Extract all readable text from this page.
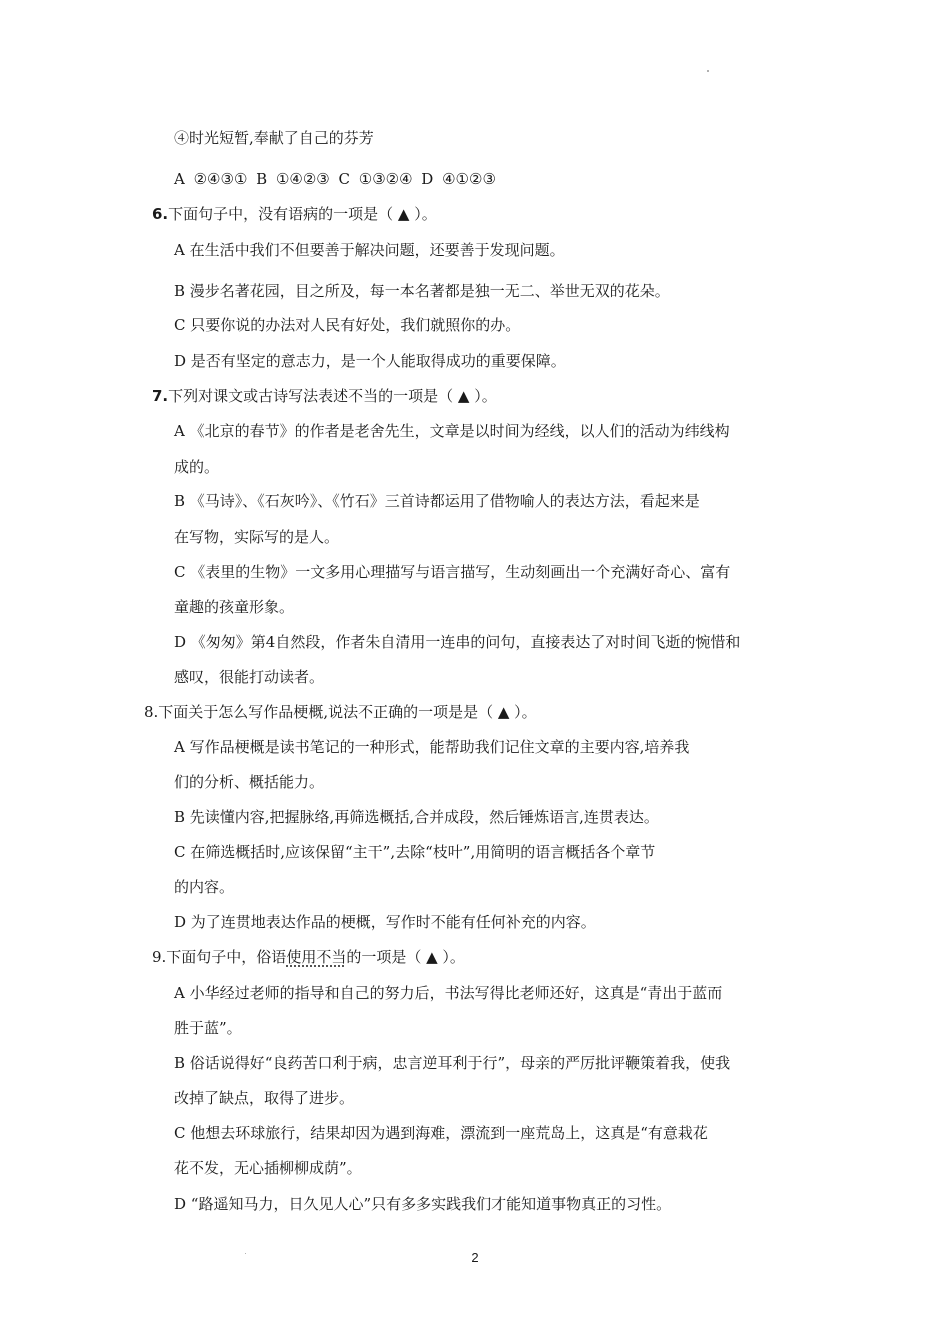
④时光短暂,奉献了自己的芬芳
A ②④③① B ①④②③ C ①③②④ D ④①②③
6.下面句子中，没有语病的一项是（ ▲ ）。
A 在生活中我们不但要善于解决问题，还要善于发现问题。
B 漫步名著花园，目之所及，每一本名著都是独一无二、举世无双的花朵。
C 只要你说的办法对人民有好处，我们就照你的办。
D 是否有坚定的意志力，是一个人能取得成功的重要保障。
7.下列对课文或古诗写法表述不当的一项是（ ▲ ）。
A 《北京的春节》的作者是老舍先生，文章是以时间为经线，以人们的活动为纬线构
成的。
B 《马诗》、《石灰吟》、《竹石》三首诗都运用了借物喻人的表达方法，看起来是
在写物，实际写的是人。
C 《表里的生物》一文多用心理描写与语言描写，生动刻画出一个充满好奇心、富有
童趣的孩童形象。
D 《匆匆》第4自然段，作者朱自清用一连串的问句，直接表达了对时间飞逝的惋惜和
感叹，很能打动读者。
8.下面关于怎么写作品梗概,说法不正确的一项是是（ ▲ ）。
A 写作品梗概是读书笔记的一种形式，能帮助我们记住文章的主要内容,培养我
们的分析、概括能力。
B 先读懂内容,把握脉络,再筛选概括,合并成段，然后锤炼语言,连贯表达。
C 在筛选概括时,应该保留“主干”,去除“枝叶”,用简明的语言概括各个章节
的内容。
D 为了连贯地表达作品的梗概，写作时不能有任何补充的内容。
9.下面句子中，俗语使用不当的一项是（ ▲ ）。
A 小华经过老师的指导和自己的努力后，书法写得比老师还好，这真是“青出于蓝而
胜于蓝”。
B 俗话说得好“良药苦口利于病，忠言逆耳利于行”，母亲的严厉批评鞭策着我，使我
改掉了缺点，取得了进步。
C 他想去环球旅行，结果却因为遇到海难，漂流到一座荒岛上，这真是“有意栽花
花不发，无心插柳柳成荫”。
D “路遥知马力，日久见人心”只有多多实践我们才能知道事物真正的习性。
2
